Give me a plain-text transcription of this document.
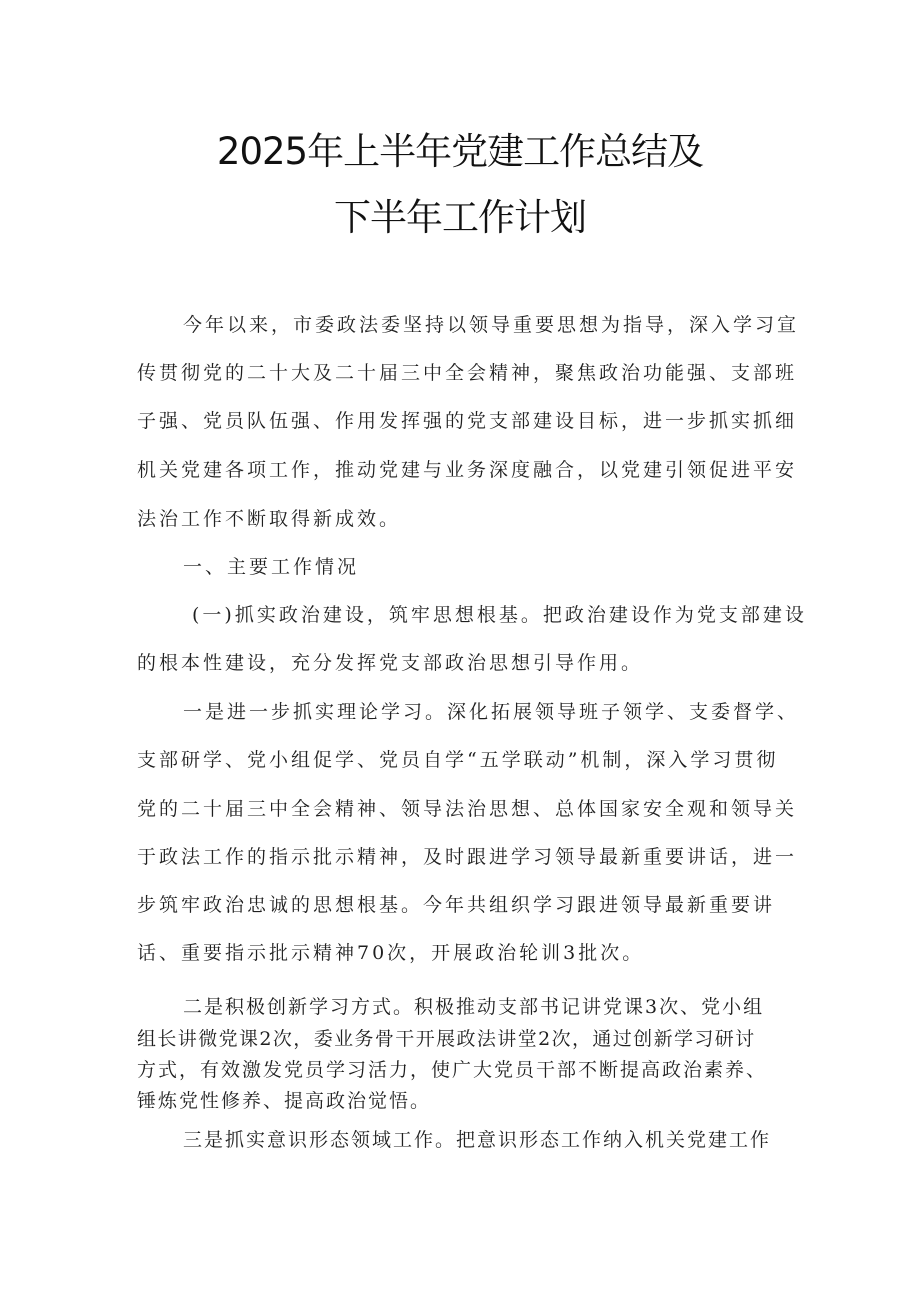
2025年上半年党建工作总结及
下半年工作计划
今年以来，市委政法委坚持以领导重要思想为指导，深入学习宣
传贯彻党的二十大及二十届三中全会精神，聚焦政治功能强、支部班
子强、党员队伍强、作用发挥强的党支部建设目标，进一步抓实抓细
机关党建各项工作，推动党建与业务深度融合，以党建引领促进平安
法治工作不断取得新成效。
一、主要工作情况
(一)抓实政治建设，筑牢思想根基。把政治建设作为党支部建设
的根本性建设，充分发挥党支部政治思想引导作用。
一是进一步抓实理论学习。深化拓展领导班子领学、支委督学、
支部研学、党小组促学、党员自学“五学联动”机制，深入学习贯彻
党的二十届三中全会精神、领导法治思想、总体国家安全观和领导关
于政法工作的指示批示精神，及时跟进学习领导最新重要讲话，进一
步筑牢政治忠诚的思想根基。今年共组织学习跟进领导最新重要讲
话、重要指示批示精神70次，开展政治轮训3批次。
二是积极创新学习方式。积极推动支部书记讲党课3次、党小组
组长讲微党课2次，委业务骨干开展政法讲堂2次，通过创新学习研讨
方式，有效激发党员学习活力，使广大党员干部不断提高政治素养、
锤炼党性修养、提高政治觉悟。
三是抓实意识形态领域工作。把意识形态工作纳入机关党建工作
